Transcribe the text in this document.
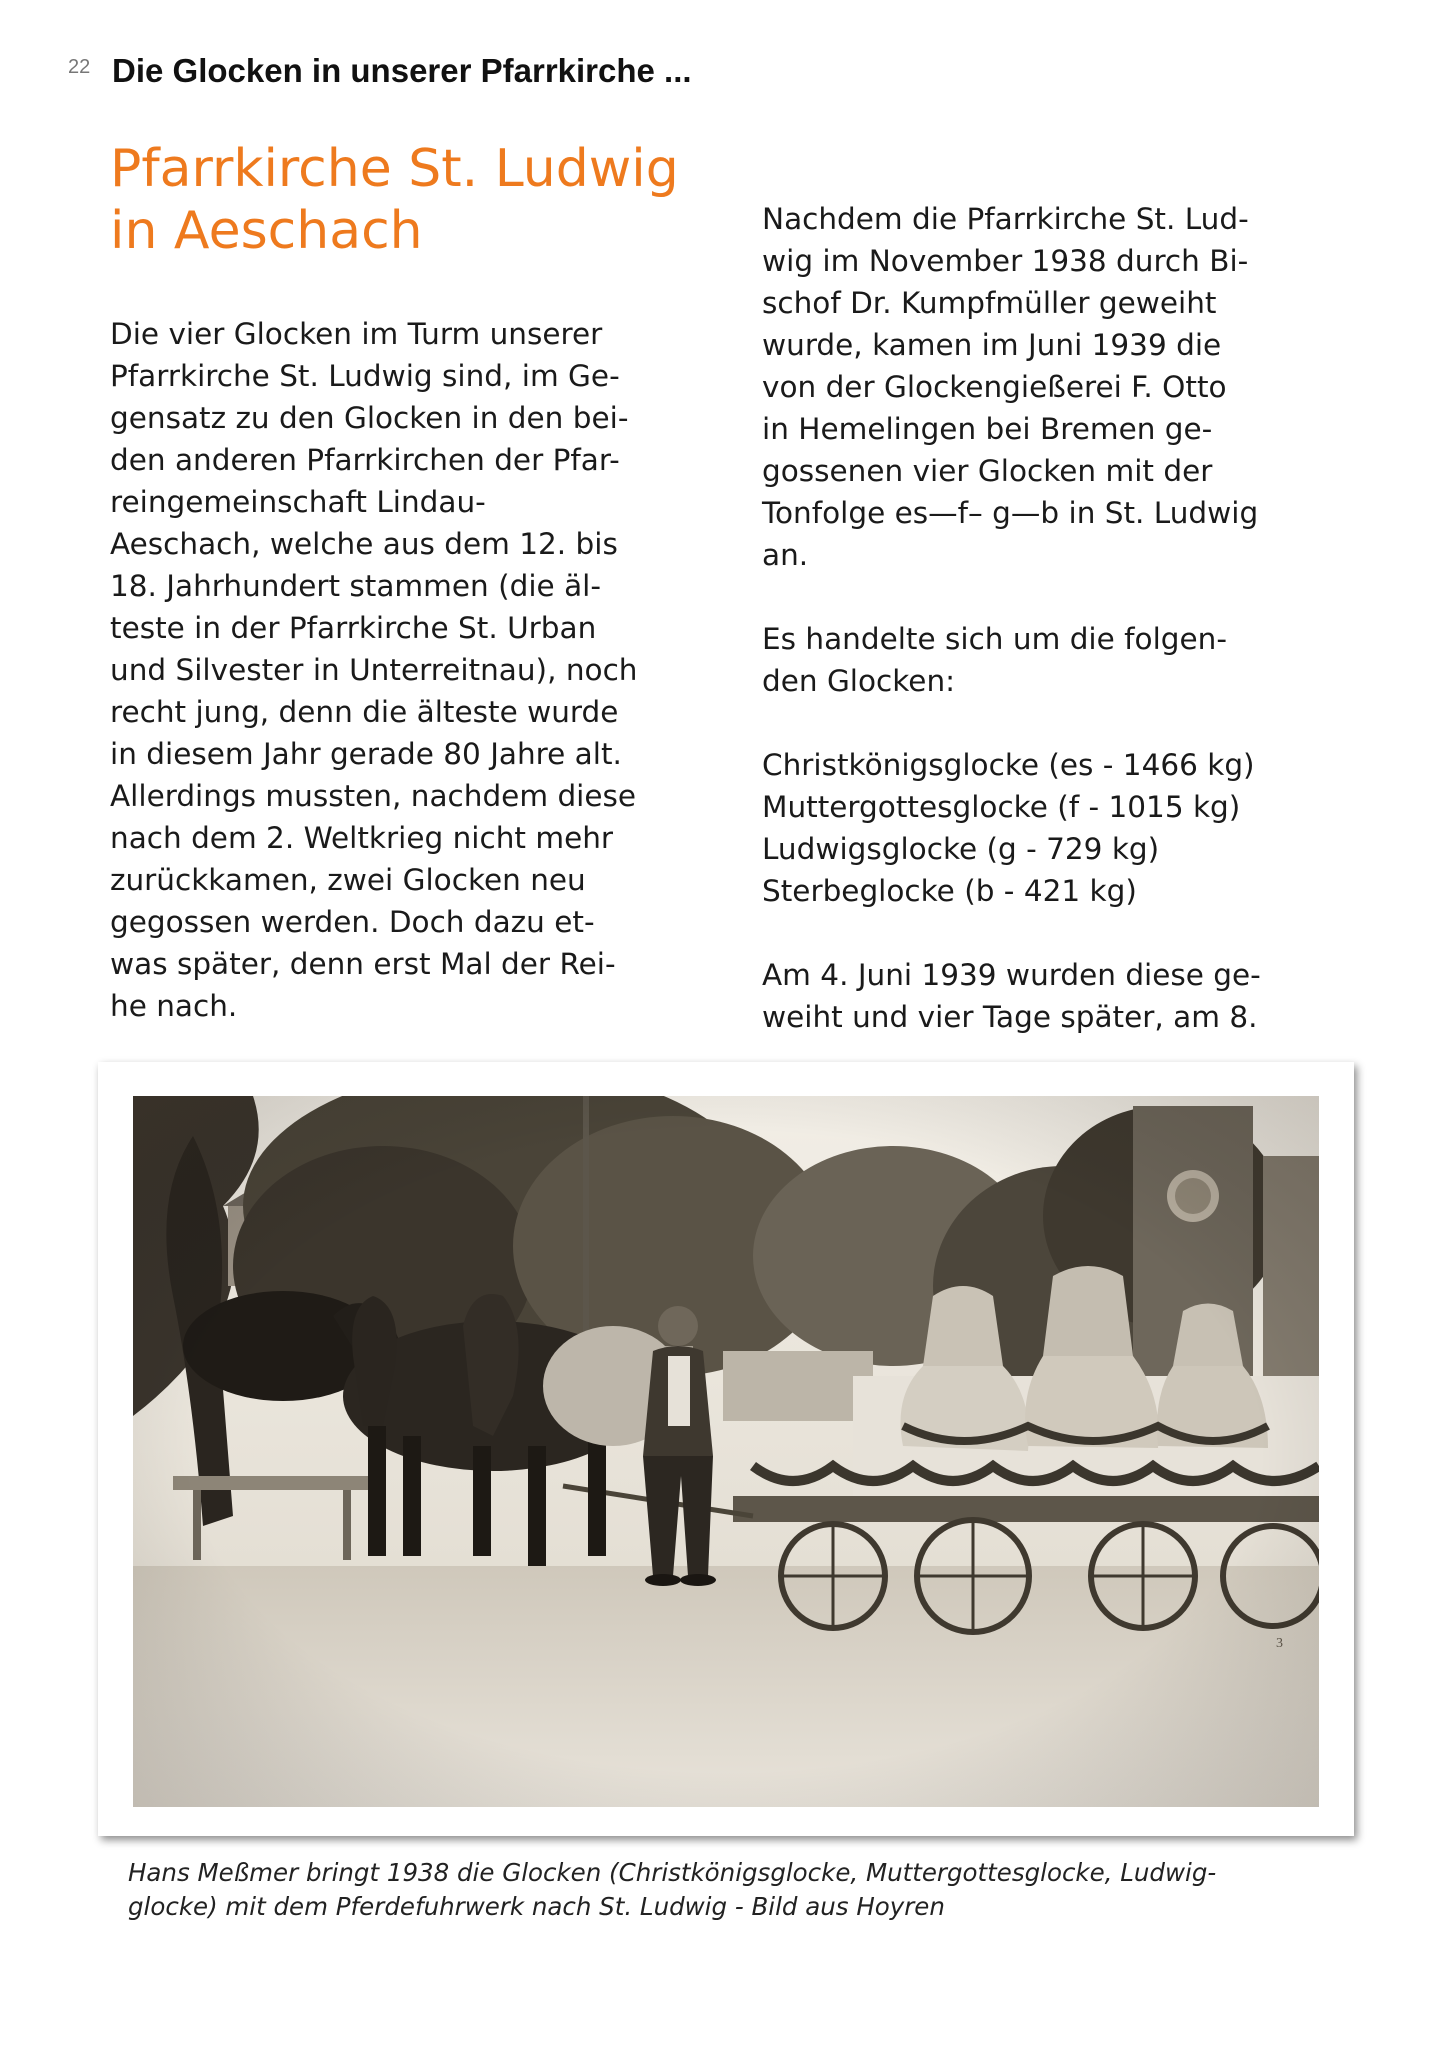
22 Die Glocken in unserer Pfarrkirche ...
Pfarrkirche St. Ludwig
in Aeschach
Die vier Glocken im Turm unserer
Pfarrkirche St. Ludwig sind, im Ge-
gensatz zu den Glocken in den bei-
den anderen Pfarrkirchen der Pfar-
reingemeinschaft Lindau-
Aeschach, welche aus dem 12. bis
18. Jahrhundert stammen (die äl-
teste in der Pfarrkirche St. Urban
und Silvester in Unterreitnau), noch
recht jung, denn die älteste wurde
in diesem Jahr gerade 80 Jahre alt.
Allerdings mussten, nachdem diese
nach dem 2. Weltkrieg nicht mehr
zurückkamen, zwei Glocken neu
gegossen werden. Doch dazu et-
was später, denn erst Mal der Rei-
he nach.
Nachdem die Pfarrkirche St. Lud-
wig im November 1938 durch Bi-
schof Dr. Kumpfmüller geweiht
wurde, kamen im Juni 1939 die
von der Glockengießerei F. Otto
in Hemelingen bei Bremen ge-
gossenen vier Glocken mit der
Tonfolge es—f– g—b in St. Ludwig
an.
Es handelte sich um die folgen-
den Glocken:
Christkönigsglocke (es - 1466 kg)
Muttergottesglocke (f - 1015 kg)
Ludwigsglocke (g - 729 kg)
Sterbeglocke (b - 421 kg)
Am 4. Juni 1939 wurden diese ge-
weiht und vier Tage später, am 8.
3
Hans Meßmer bringt 1938 die Glocken (Christkönigsglocke, Muttergottesglocke, Ludwig-
glocke) mit dem Pferdefuhrwerk nach St. Ludwig - Bild aus Hoyren
